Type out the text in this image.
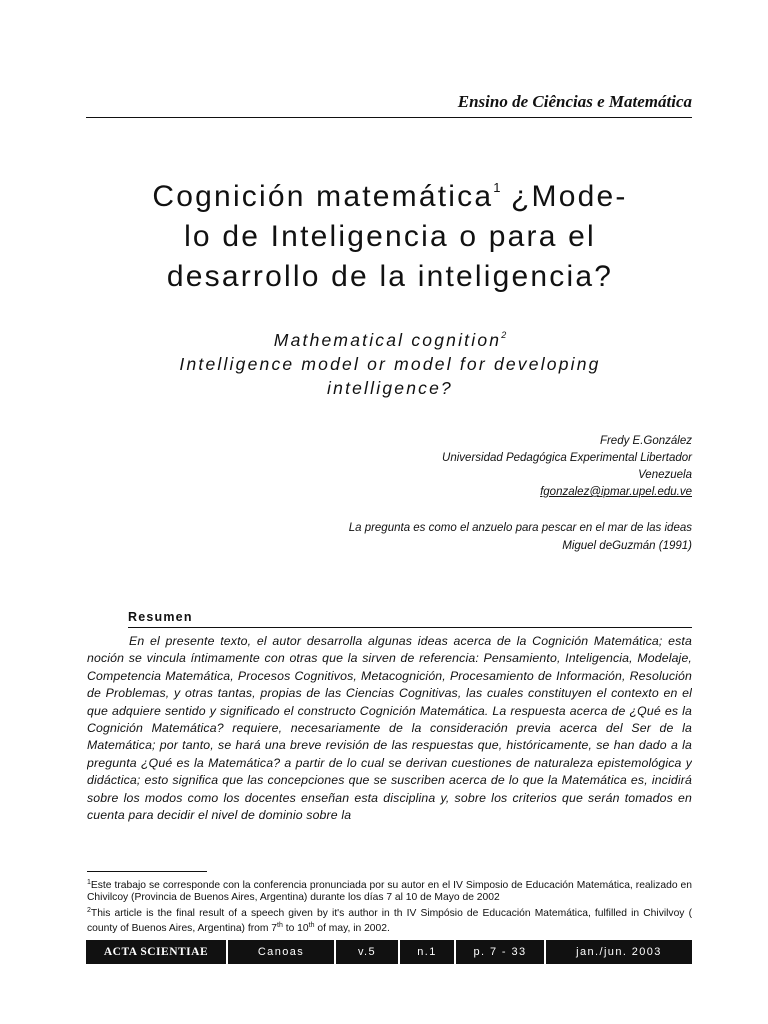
Ensino de Ciências e Matemática
Cognición matemática$^1$ ¿Mode-
lo de Inteligencia o para el
desarrollo de la inteligencia?
Mathematical cognition$^2$
Intelligence model or model for developing
intelligence?
Fredy E.González
Universidad Pedagógica Experimental Libertador
Venezuela
fgonzalez@ipmar.upel.edu.ve
La pregunta es como el anzuelo para pescar en el mar de las ideas
Miguel deGuzmán (1991)
Resumen

En el presente texto, el autor desarrolla algunas ideas acerca de la Cognición Matemática; esta noción se vincula íntimamente con otras que la sirven de referencia: Pensamiento, Inteligencia, Modelaje, Competencia Matemática, Procesos Cognitivos, Metacognición, Procesamiento de Información, Resolución de Problemas, y otras tantas, propias de las Ciencias Cognitivas, las cuales constituyen el contexto en el que adquiere sentido y significado el constructo Cognición Matemática. La respuesta acerca de ¿Qué es la Cognición Matemática? requiere, necesariamente de la consideración previa acerca del Ser de la Matemática; por tanto, se hará una breve revisión de las respuestas que, históricamente, se han dado a la pregunta ¿Qué es la Matemática? a partir de lo cual se derivan cuestiones de naturaleza epistemológica y didáctica; esto significa que las concepciones que se suscriben acerca de lo que la Matemática es, incidirá sobre los modos como los docentes enseñan esta disciplina y, sobre los criterios que serán tomados en cuenta para decidir el nivel de dominio sobre la

$^1$Este trabajo se corresponde con la conferencia pronunciada por su autor en el IV Simposio de Educación Matemática, realizado en Chivilcoy (Provincia de Buenos Aires, Argentina) durante los días 7 al 10 de Mayo de 2002

$^2$This article is the final result of a speech given by it's author in th IV Simpósio de Educación Matemática, fulfilled in Chivilvoy ( county of Buenos Aires, Argentina) from 7th to 10th of may, in 2002.

ACTA SCIENTIAE	Canoas	v.5	n.1	p. 7 - 33	jan./jun. 2003
